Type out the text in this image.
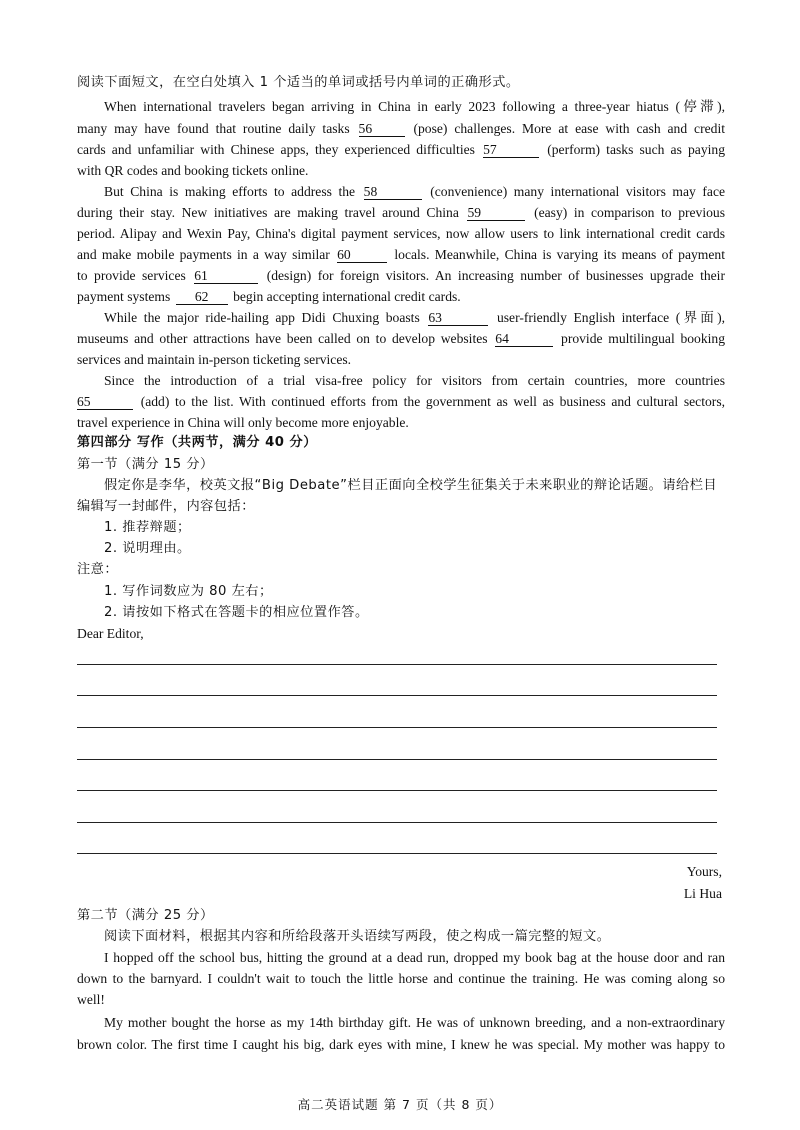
阅读下面短文，在空白处填入 1 个适当的单词或括号内单词的正确形式。
When international travelers began arriving in China in early 2023 following a three-year hiatus (停滞),
many may have found that routine daily tasks 56	(pose) challenges. More at ease with cash and credit
cards and unfamiliar with Chinese apps, they experienced difficulties 57	(perform) tasks such as paying
with QR codes and booking tickets online.
But China is making efforts to address the 58	(convenience) many international visitors may face
during their stay. New initiatives are making travel around China 59	(easy) in comparison to previous
period. Alipay and Wexin Pay, China's digital payment services, now allow users to link international credit cards
and make mobile payments in a way similar 60	locals. Meanwhile, China is varying its means of payment
to provide services 61	(design) for foreign visitors. An increasing number of businesses upgrade their
payment systems 62 begin accepting international credit cards.
While the major ride-hailing app Didi Chuxing boasts 63	user-friendly English interface (界面),
museums and other attractions have been called on to develop websites 64	provide multilingual booking
services and maintain in-person ticketing services.
Since the introduction of a trial visa-free policy for visitors from certain countries, more countries
65	(add) to the list. With continued efforts from the government as well as business and cultural sectors,
travel experience in China will only become more enjoyable.
第四部分 写作（共两节，满分 40 分）
第一节（满分 15 分）
假定你是李华，校英文报“Big Debate”栏目正面向全校学生征集关于未来职业的辩论话题。请给栏目
编辑写一封邮件，内容包括：
1. 推荐辩题；
2. 说明理由。
注意：
1. 写作词数应为 80 左右；
2. 请按如下格式在答题卡的相应位置作答。
Dear Editor,
Yours,
Li Hua
第二节（满分 25 分）
阅读下面材料，根据其内容和所给段落开头语续写两段，使之构成一篇完整的短文。
I hopped off the school bus, hitting the ground at a dead run, dropped my book bag at the house door and ran
down to the barnyard. I couldn't wait to touch the little horse and continue the training. He was coming along so
well!
My mother bought the horse as my 14th birthday gift. He was of unknown breeding, and a non-extraordinary
brown color. The first time I caught his big, dark eyes with mine, I knew he was special. My mother was happy to
高二英语试题 第 7 页（共 8 页）
